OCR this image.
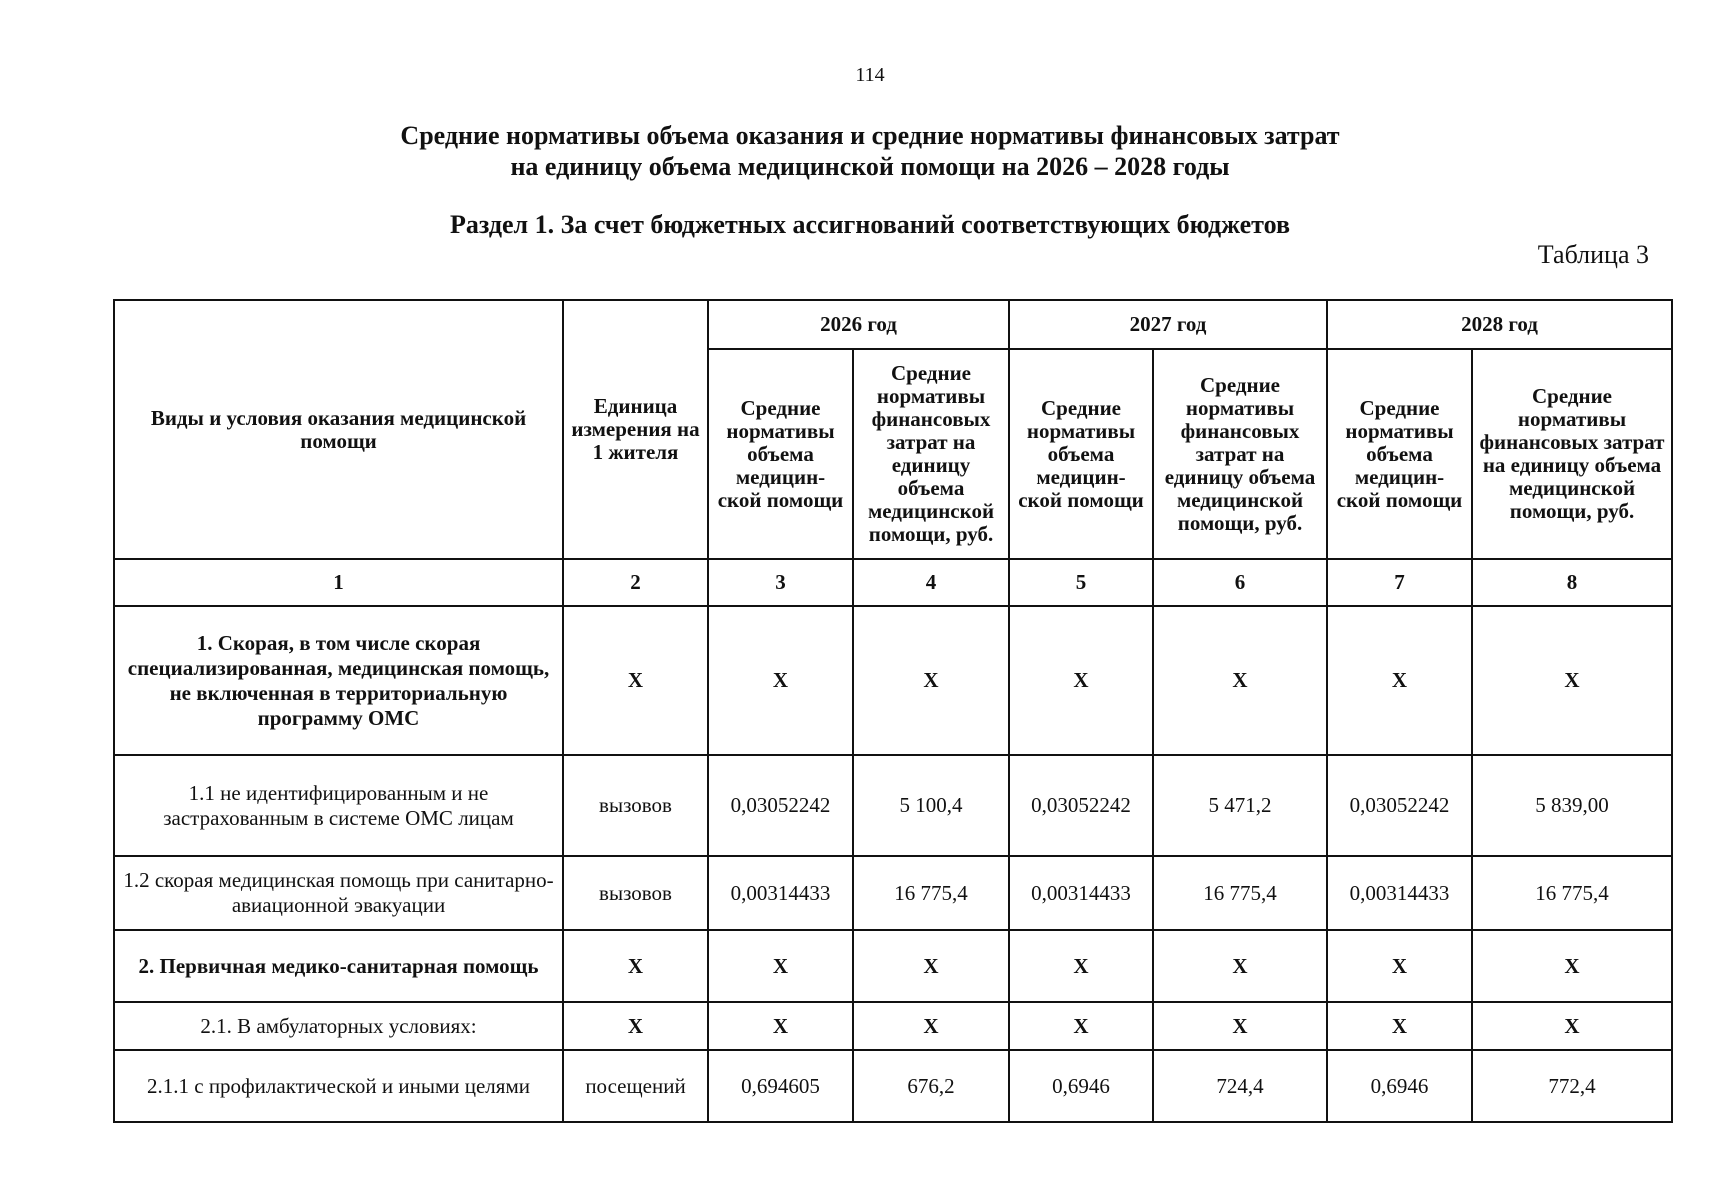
114
Средние нормативы объема оказания и средние нормативы финансовых затрат
на единицу объема медицинской помощи на 2026 – 2028 годы
Раздел 1. За счет бюджетных ассигнований соответствующих бюджетов
Таблица 3
Виды и условия оказания медицинской помощи	Единица измерения на 1 жителя	2026 год		2027 год		2028 год	
		Средние нормативы объема медицин-ской помощи	Средние нормативы финансовых затрат на единицу объема медицинской помощи, руб.	Средние нормативы объема медицин-ской помощи	Средние нормативы финансовых затрат на единицу объема медицинской помощи, руб.	Средние нормативы объема медицин-ской помощи	Средние нормативы финансовых затрат на единицу объема медицинской помощи, руб.
1	2	3	4	5	6	7	8
1. Скорая, в том числе скорая специализированная, медицинская помощь, не включенная в территориальную программу ОМС	Х	Х	Х	Х	Х	Х	Х
1.1 не идентифицированным и не застрахованным в системе ОМС лицам	вызовов	0,03052242	5 100,4	0,03052242	5 471,2	0,03052242	5 839,00
1.2 скорая медицинская помощь при санитарно-авиационной эвакуации	вызовов	0,00314433	16 775,4	0,00314433	16 775,4	0,00314433	16 775,4
2. Первичная медико-санитарная помощь	Х	Х	Х	Х	Х	Х	Х
2.1. В амбулаторных условиях:	Х	Х	Х	Х	Х	Х	Х
2.1.1 с профилактической и иными целями	посещений	0,694605	676,2	0,6946	724,4	0,6946	772,4
